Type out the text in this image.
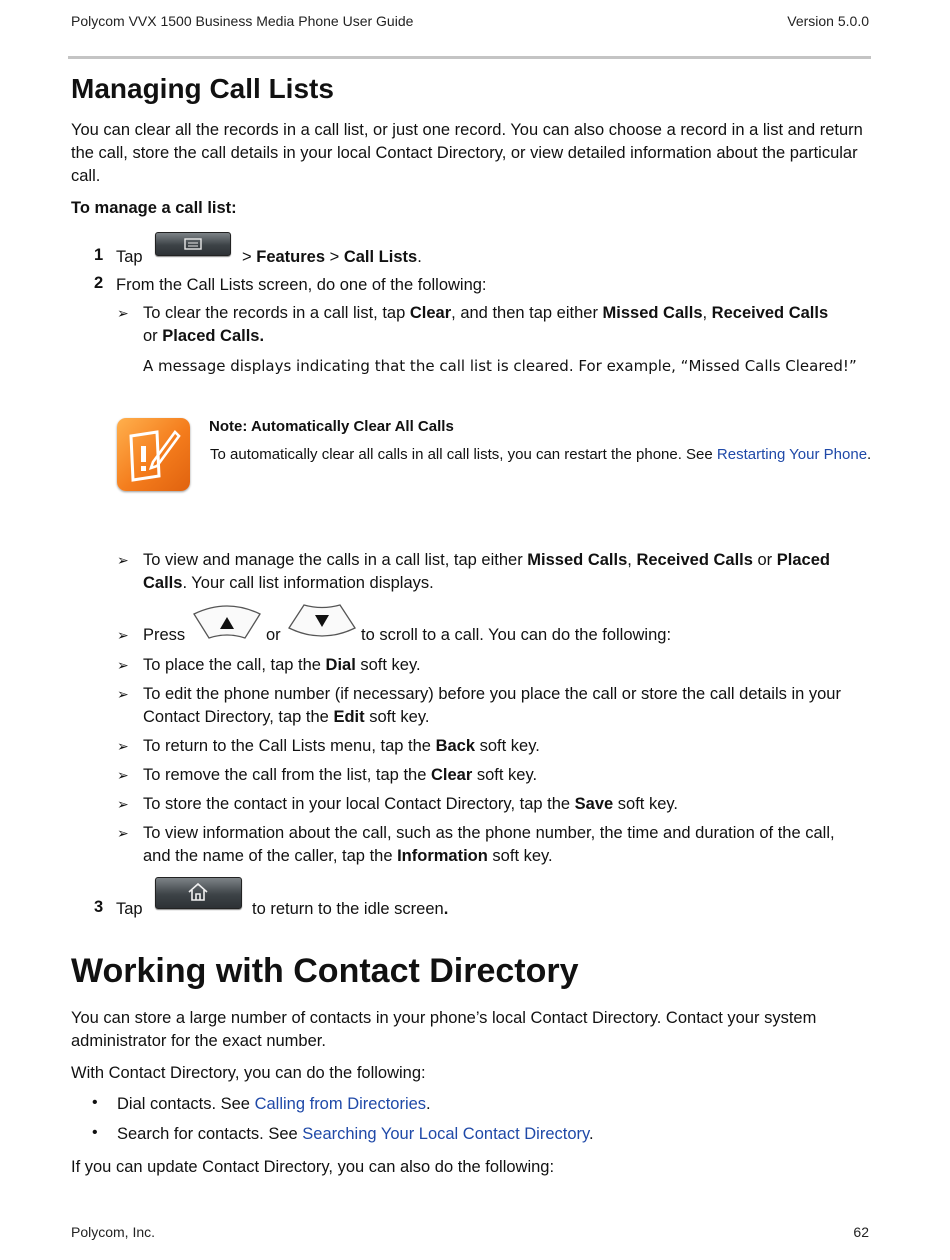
Polycom VVX 1500 Business Media Phone User Guide	Version 5.0.0
Managing Call Lists
You can clear all the records in a call list, or just one record. You can also choose a record in a list and return the call, store the call details in your local Contact Directory, or view detailed information about the particular call.
To manage a call list:
1 Tap	> Features > Call Lists.
2 From the Call Lists screen, do one of the following:
➢ To clear the records in a call list, tap Clear, and then tap either Missed Calls, Received Calls
or Placed Calls.
A message displays indicating that the call list is cleared. For example, “Missed Calls Cleared!”
Note: Automatically Clear All Calls
To automatically clear all calls in all call lists, you can restart the phone. See Restarting Your Phone.
➢ To view and manage the calls in a call list, tap either Missed Calls, Received Calls or Placed
Calls. Your call list information displays.
➢ Press	or	to scroll to a call. You can do the following:
➢ To place the call, tap the Dial soft key.
➢ To edit the phone number (if necessary) before you place the call or store the call details in your
Contact Directory, tap the Edit soft key.
➢ To return to the Call Lists menu, tap the Back soft key.
➢ To remove the call from the list, tap the Clear soft key.
➢ To store the contact in your local Contact Directory, tap the Save soft key.
➢ To view information about the call, such as the phone number, the time and duration of the call,
and the name of the caller, tap the Information soft key.
3 Tap	to return to the idle screen.
Working with Contact Directory
You can store a large number of contacts in your phone’s local Contact Directory. Contact your system administrator for the exact number.
With Contact Directory, you can do the following:
• Dial contacts. See Calling from Directories.
• Search for contacts. See Searching Your Local Contact Directory.
If you can update Contact Directory, you can also do the following:
Polycom, Inc.	62
